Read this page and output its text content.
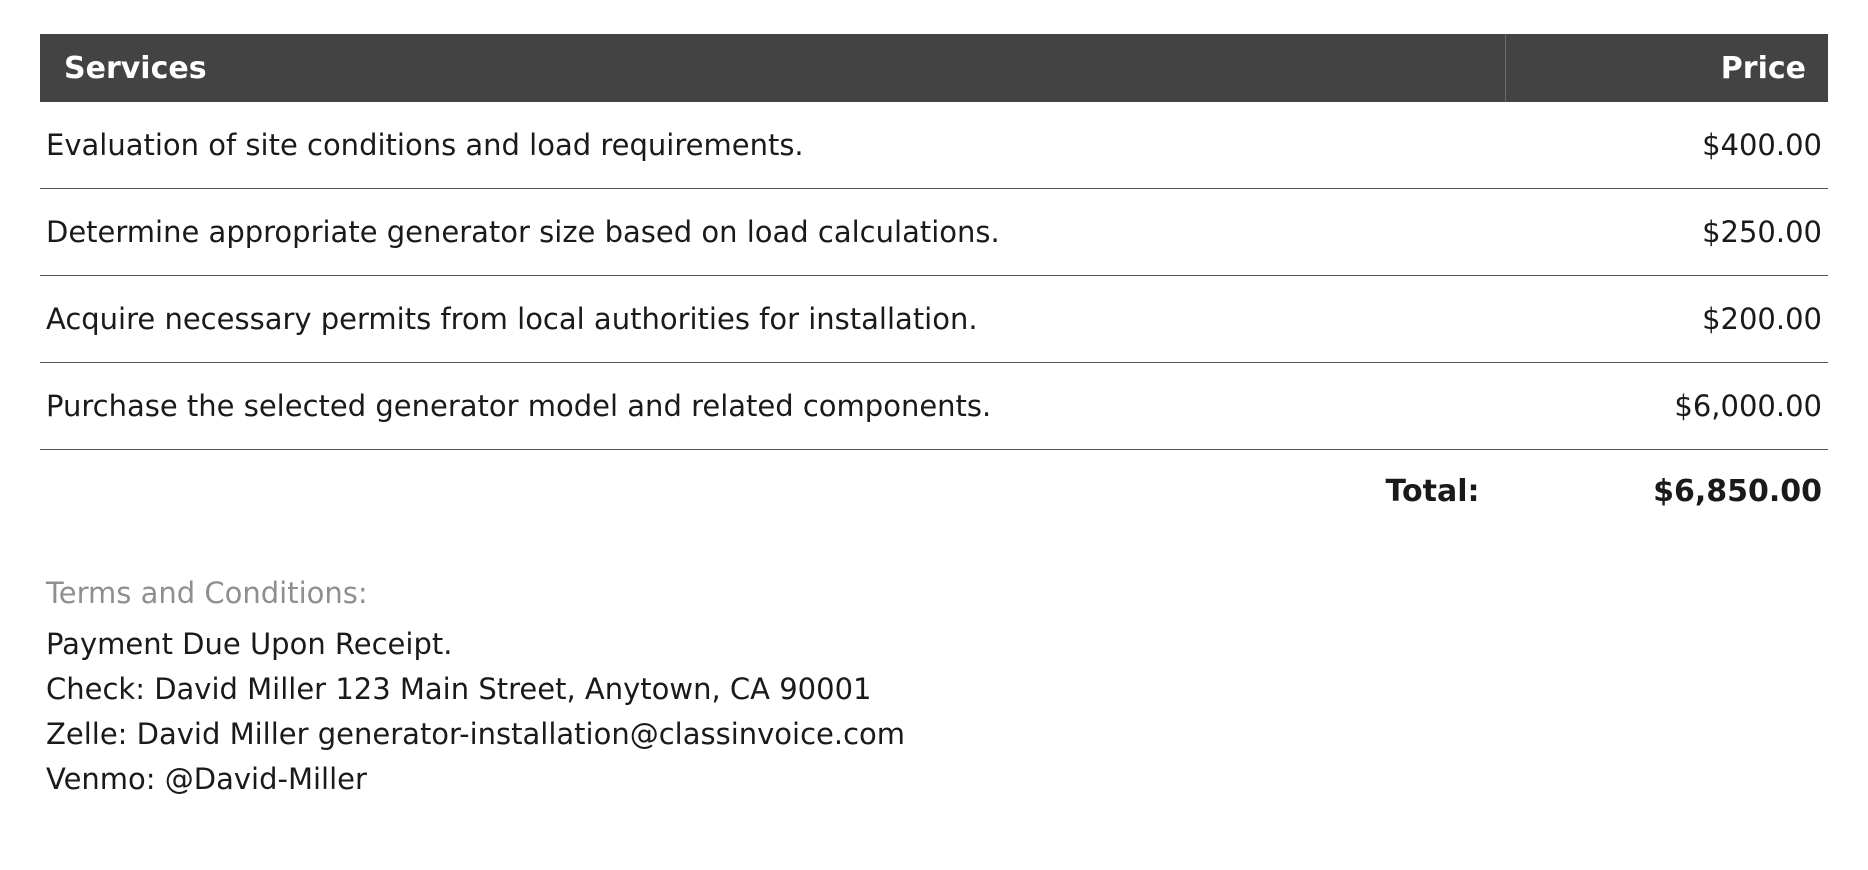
Services	Price
Evaluation of site conditions and load requirements.	$400.00
Determine appropriate generator size based on load calculations.	$250.00
Acquire necessary permits from local authorities for installation.	$200.00
Purchase the selected generator model and related components.	$6,000.00
Total:	$6,850.00
Terms and Conditions:
Payment Due Upon Receipt.
Check: David Miller 123 Main Street, Anytown, CA 90001
Zelle: David Miller generator-installation@classinvoice.com
Venmo: @David-Miller
